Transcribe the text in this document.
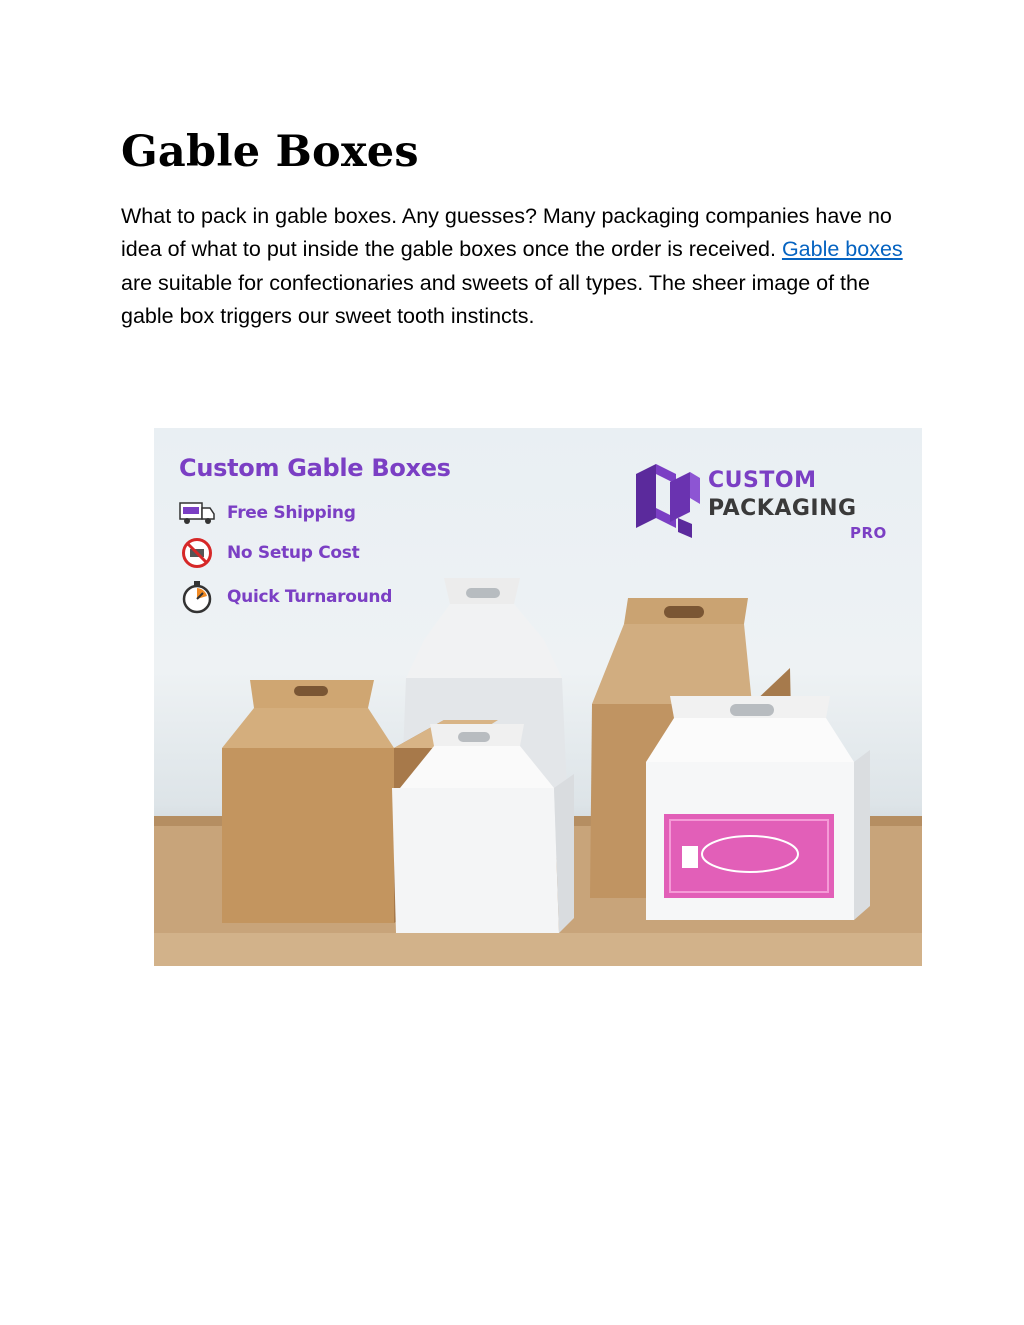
Gable Boxes

What to pack in gable boxes. Any guesses? Many packaging companies have no idea of what to put inside the gable boxes once the order is received. Gable boxes are suitable for confectionaries and sweets of all types. The sheer image of the gable box triggers our sweet tooth instincts.

Custom Gable Boxes
Free Shipping
No Setup Cost
Quick Turnaround

CUSTOM

PACKAGING

PRO
